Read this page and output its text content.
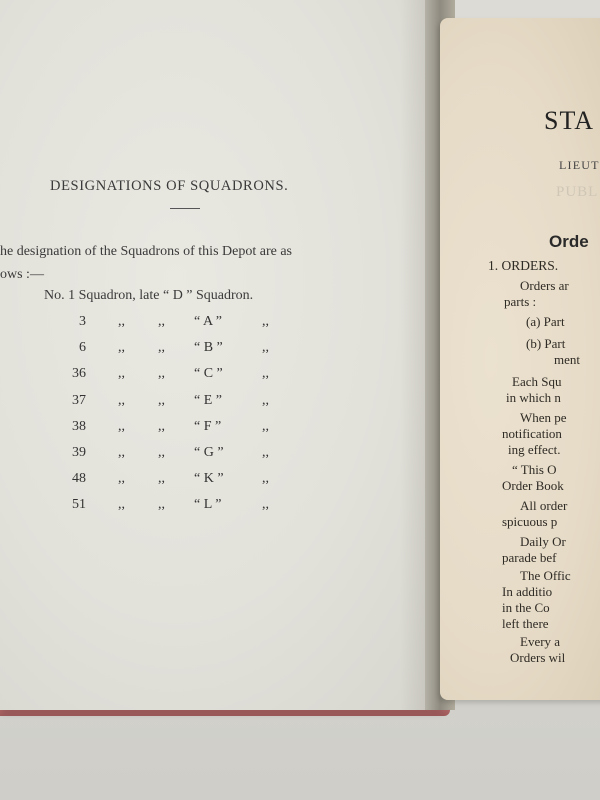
DESIGNATIONS OF SQUADRONS.
he designation of the Squadrons of this Depot are as
ows :—
No. 1 Squadron, late “ D ” Squadron.
3 ,, ,, “ A ”	,,
6 ,, ,, “ B ”	,,
36 ,, ,, “ C ”	,,
37 ,, ,, “ E ”	,,
38 ,, ,, “ F ”	,,
39 ,, ,, “ G ”	,,
48 ,, ,, “ K ”	,,
51 ,, ,, “ L ”	,,
STA
LIEUT
PUBL
Orde
1. ORDERS.
Orders ar
parts :
(a) Part
(b) Part
ment
Each Squ
in which n
When pe
notification
ing effect.
“ This O
Order Book
All order
spicuous p
Daily Or
parade bef
The Offic
In additio
in the Co
left there
Every a
Orders wil
